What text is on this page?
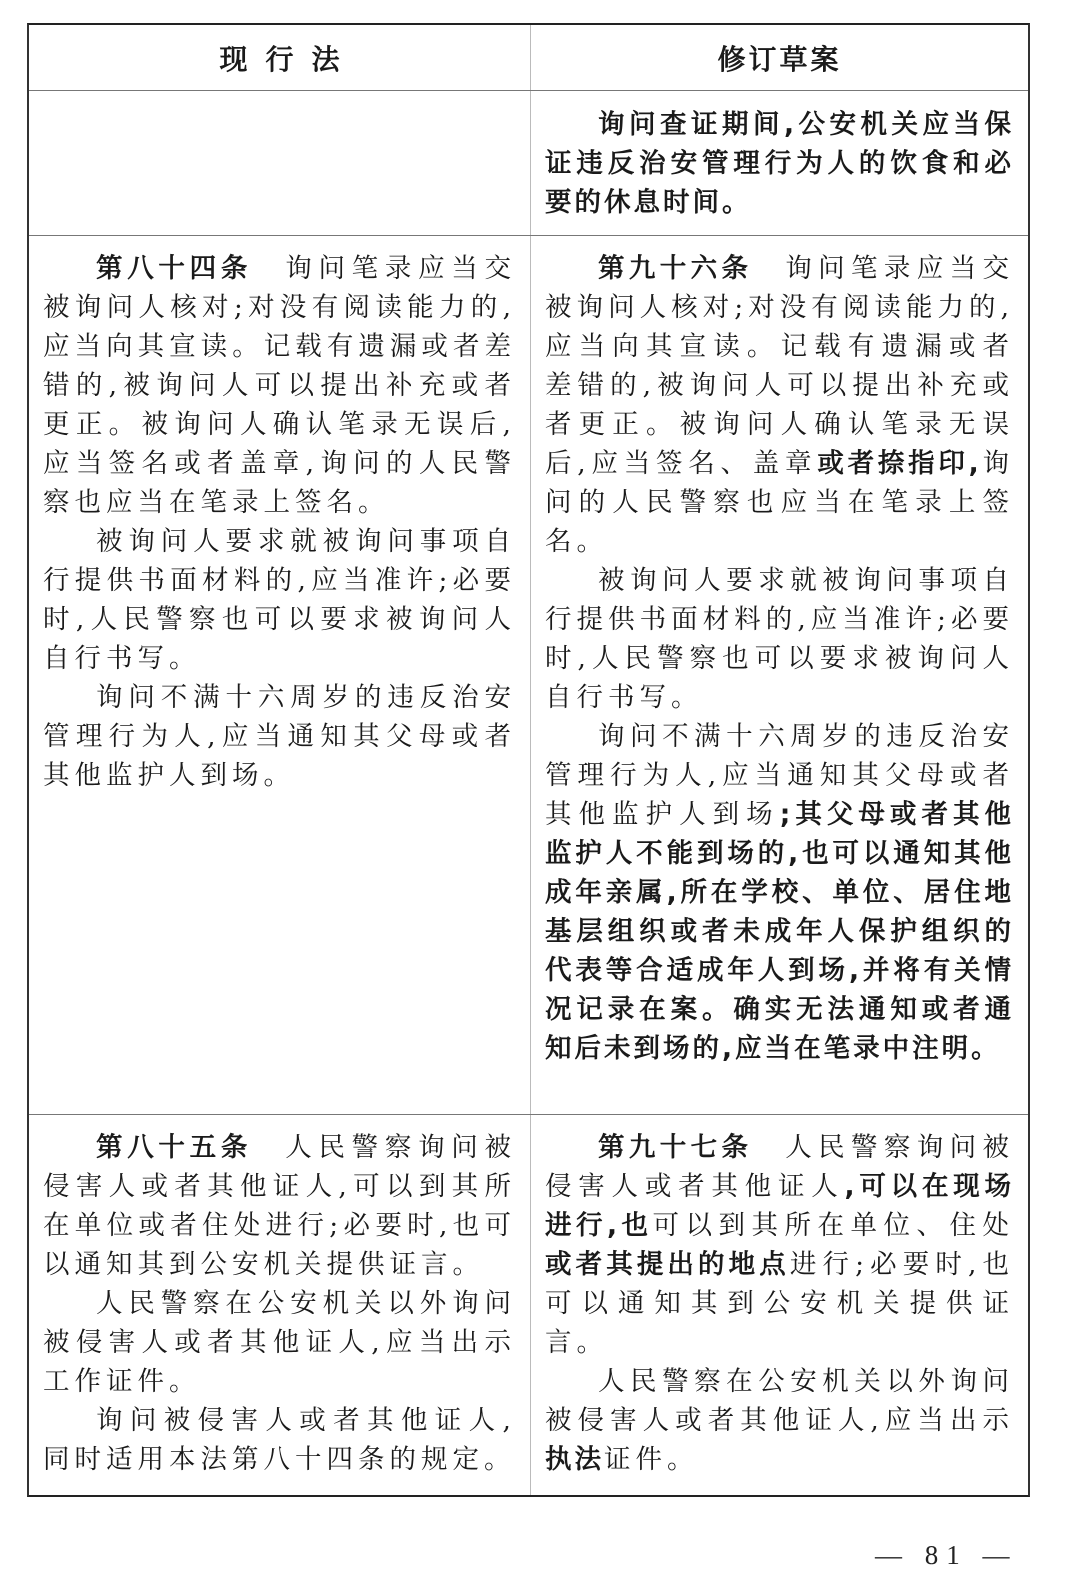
现行法	修订草案

询问查证期间,公安机关应当保证违反治安管理行为人的饮食和必要的休息时间。

第八十四条　询问笔录应当交被询问人核对;对没有阅读能力的,应当向其宣读。记载有遗漏或者差错的,被询问人可以提出补充或者更正。被询问人确认笔录无误后,应当签名或者盖章,询问的人民警察也应当在笔录上签名。

被询问人要求就被询问事项自行提供书面材料的,应当准许;必要时,人民警察也可以要求被询问人自行书写。

询问不满十六周岁的违反治安管理行为人,应当通知其父母或者其他监护人到场。

第九十六条　询问笔录应当交被询问人核对;对没有阅读能力的,应当向其宣读。记载有遗漏或者差错的,被询问人可以提出补充或者更正。被询问人确认笔录无误后,应当签名、盖章或者捺指印,询问的人民警察也应当在笔录上签名。

被询问人要求就被询问事项自行提供书面材料的,应当准许;必要时,人民警察也可以要求被询问人自行书写。

询问不满十六周岁的违反治安管理行为人,应当通知其父母或者其他监护人到场;其父母或者其他监护人不能到场的,也可以通知其他成年亲属,所在学校、单位、居住地基层组织或者未成年人保护组织的代表等合适成年人到场,并将有关情况记录在案。确实无法通知或者通知后未到场的,应当在笔录中注明。

第八十五条　人民警察询问被侵害人或者其他证人,可以到其所在单位或者住处进行;必要时,也可以通知其到公安机关提供证言。

人民警察在公安机关以外询问被侵害人或者其他证人,应当出示工作证件。

询问被侵害人或者其他证人,同时适用本法第八十四条的规定。

第九十七条　人民警察询问被侵害人或者其他证人,可以在现场进行,也可以到其所在单位、住处或者其提出的地点进行;必要时,也可以通知其到公安机关提供证言。

人民警察在公安机关以外询问被侵害人或者其他证人,应当出示执法证件。

— 81 —
